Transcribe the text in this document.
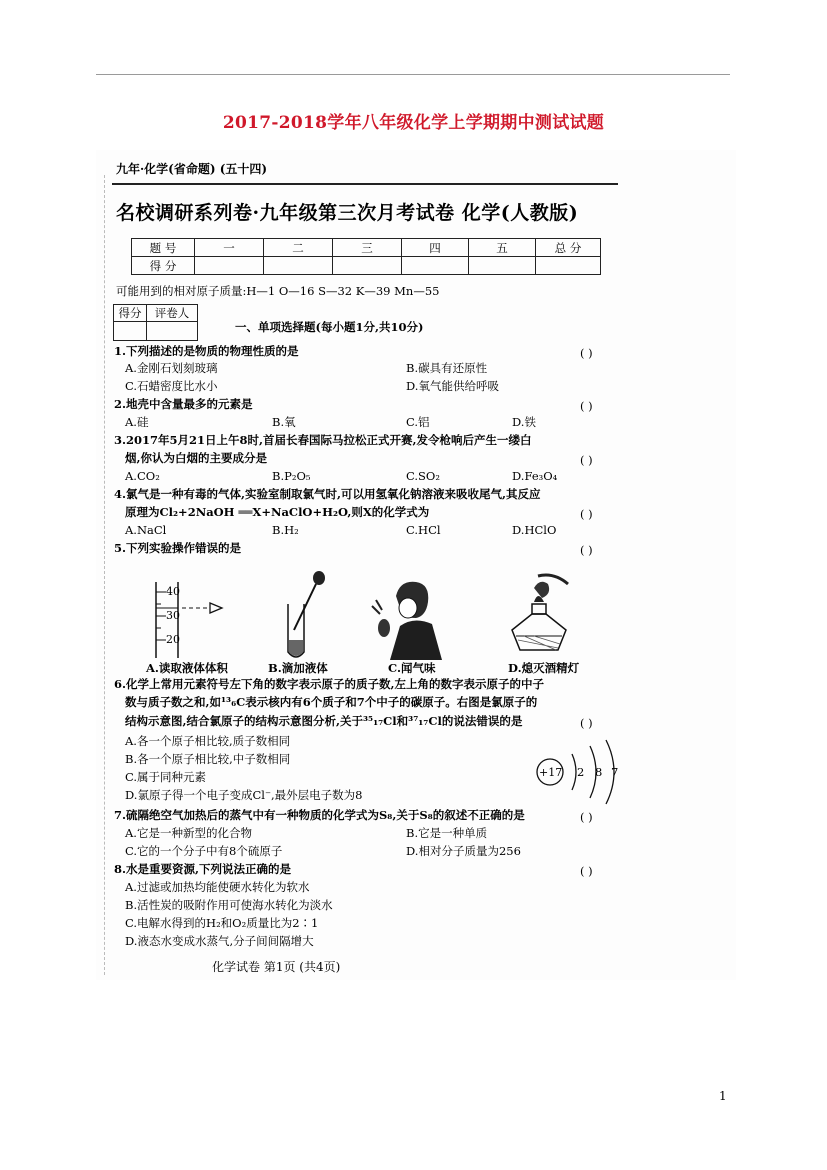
2017-2018学年八年级化学上学期期中测试试题
九年·化学(省命题) (五十四)
名校调研系列卷·九年级第三次月考试卷 化学(人教版)
题 号	一	二	三	四	五	总 分
得 分						
可能用到的相对原子质量:H—1 O—16 S—32 K—39 Mn—55
得分	评卷人

一、单项选择题(每小题1分,共10分)
1.下列描述的是物质的物理性质的是	( )
A.金刚石划刻玻璃	B.碳具有还原性
C.石蜡密度比水小	D.氧气能供给呼吸
2.地壳中含量最多的元素是	( )
A.硅	B.氧	C.铝	D.铁
3.2017年5月21日上午8时,首届长春国际马拉松正式开赛,发令枪响后产生一缕白
烟,你认为白烟的主要成分是	( )
A.CO₂	B.P₂O₅	C.SO₂	D.Fe₃O₄
4.氯气是一种有毒的气体,实验室制取氯气时,可以用氢氧化钠溶液来吸收尾气,其反应
原理为Cl₂+2NaOH ══X+NaClO+H₂O,则X的化学式为	( )
A.NaCl	B.H₂	C.HCl	D.HClO
5.下列实验操作错误的是	( )
40
30
20
A.读取液体体积	B.滴加液体	C.闻气味	D.熄灭酒精灯
6.化学上常用元素符号左下角的数字表示原子的质子数,左上角的数字表示原子的中子
数与质子数之和,如¹³₆C表示核内有6个质子和7个中子的碳原子。右图是氯原子的
结构示意图,结合氯原子的结构示意图分析,关于³⁵₁₇Cl和³⁷₁₇Cl的说法错误的是	( )
A.各一个原子相比较,质子数相同
B.各一个原子相比较,中子数相同
C.属于同种元素
D.氯原子得一个电子变成Cl⁻,最外层电子数为8
+17 2 8 7
7.硫隔绝空气加热后的蒸气中有一种物质的化学式为S₈,关于S₈的叙述不正确的是	( )
A.它是一种新型的化合物	B.它是一种单质
C.它的一个分子中有8个硫原子	D.相对分子质量为256
8.水是重要资源,下列说法正确的是	( )
A.过滤或加热均能使硬水转化为软水
B.活性炭的吸附作用可使海水转化为淡水
C.电解水得到的H₂和O₂质量比为2∶1
D.液态水变成水蒸气,分子间间隔增大
化学试卷 第1页 (共4页)
1
